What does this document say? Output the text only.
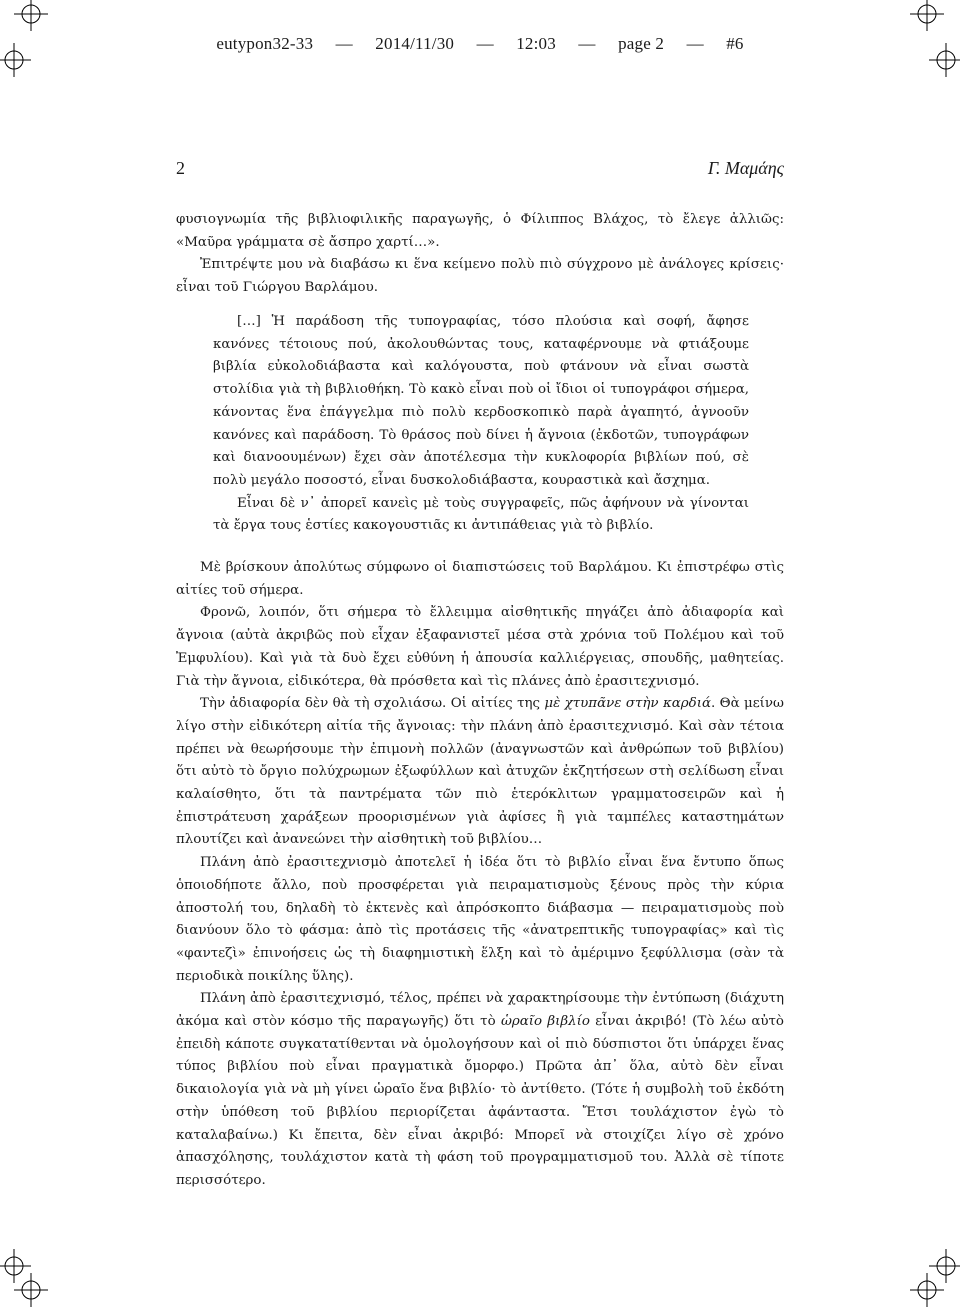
eutypon32-33 — 2014/11/30 — 12:03 — page 2 — #6
2	Γ. Μαμάης

φυσιογνωμία τῆς βιβλιοφιλικῆς παραγωγῆς, ὁ Φίλιππος Βλάχος, τὸ ἔλεγε ἀλλιῶς: «Μαῦρα γράμματα σὲ ἄσπρο χαρτί…».

Ἐπιτρέψτε μου νὰ διαβάσω κι ἕνα κείμενο πολὺ πιὸ σύγχρονο μὲ ἀνάλογες κρίσεις· εἶναι τοῦ Γιώργου Βαρλάμου.

[…] Ἡ παράδοση τῆς τυπογραφίας, τόσο πλούσια καὶ σοφή, ἄφησε κανόνες τέτοιους πού, ἀκολουθώντας τους, καταφέρνουμε νὰ φτιάξουμε βιβλία εὐκολοδιάβαστα καὶ καλόγουστα, ποὺ φτάνουν νὰ εἶναι σωστὰ στολίδια γιὰ τὴ βιβλιοθήκη. Τὸ κακὸ εἶναι ποὺ οἱ ἴδιοι οἱ τυπογράφοι σήμερα, κάνοντας ἕνα ἐπάγγελμα πιὸ πολὺ κερδοσκοπικὸ παρὰ ἀγαπητό, ἀγνοοῦν κανόνες καὶ παράδοση. Τὸ θράσος ποὺ δίνει ἡ ἄγνοια (ἐκδοτῶν, τυπογράφων καὶ διανοουμένων) ἔχει σὰν ἀποτέλεσμα τὴν κυκλοφορία βιβλίων πού, σὲ πολὺ μεγάλο ποσοστό, εἶναι δυσκολοδιάβαστα, κουραστικὰ καὶ ἄσχημα.

Εἶναι δὲ ν᾽ ἀπορεῖ κανεὶς μὲ τοὺς συγγραφεῖς, πῶς ἀφήνουν νὰ γίνονται τὰ ἔργα τους ἑστίες κακογουστιᾶς κι ἀντιπάθειας γιὰ τὸ βιβλίο.

Μὲ βρίσκουν ἀπολύτως σύμφωνο οἱ διαπιστώσεις τοῦ Βαρλάμου. Κι ἐπιστρέφω στὶς αἰτίες τοῦ σήμερα.

Φρονῶ, λοιπόν, ὅτι σήμερα τὸ ἔλλειμμα αἰσθητικῆς πηγάζει ἀπὸ ἀδιαφορία καὶ ἄγνοια (αὐτὰ ἀκριβῶς ποὺ εἶχαν ἐξαφανιστεῖ μέσα στὰ χρόνια τοῦ Πολέμου καὶ τοῦ Ἐμφυλίου). Καὶ γιὰ τὰ δυὸ ἔχει εὐθύνη ἡ ἀπουσία καλλιέργειας, σπουδῆς, μαθητείας. Γιὰ τὴν ἄγνοια, εἰδικότερα, θὰ πρόσθετα καὶ τὶς πλάνες ἀπὸ ἐρασιτεχνισμό.

Τὴν ἀδιαφορία δὲν θὰ τὴ σχολιάσω. Οἱ αἰτίες της μὲ χτυπᾶνε στὴν καρδιά. Θὰ μείνω λίγο στὴν εἰδικότερη αἰτία τῆς ἄγνοιας: τὴν πλάνη ἀπὸ ἐρασιτεχνισμό. Καὶ σὰν τέτοια πρέπει νὰ θεωρήσουμε τὴν ἐπιμονὴ πολλῶν (ἀναγνωστῶν καὶ ἀνθρώπων τοῦ βιβλίου) ὅτι αὐτὸ τὸ ὄργιο πολύχρωμων ἐξωφύλλων καὶ ἀτυχῶν ἐκζητήσεων στὴ σελίδωση εἶναι καλαίσθητο, ὅτι τὰ παντρέματα τῶν πιὸ ἑτερόκλιτων γραμματοσειρῶν καὶ ἡ ἐπιστράτευση χαράξεων προορισμένων γιὰ ἀφίσες ἢ γιὰ ταμπέλες καταστημάτων πλουτίζει καὶ ἀνανεώνει τὴν αἰσθητικὴ τοῦ βιβλίου…

Πλάνη ἀπὸ ἐρασιτεχνισμὸ ἀποτελεῖ ἡ ἰδέα ὅτι τὸ βιβλίο εἶναι ἕνα ἔντυπο ὅπως ὁποιοδήποτε ἄλλο, ποὺ προσφέρεται γιὰ πειραματισμοὺς ξένους πρὸς τὴν κύρια ἀποστολή του, δηλαδὴ τὸ ἐκτενὲς καὶ ἀπρόσκοπτο διάβασμα — πειραματισμοὺς ποὺ διανύουν ὅλο τὸ φάσμα: ἀπὸ τὶς προτάσεις τῆς «ἀνατρεπτικῆς τυπογραφίας» καὶ τὶς «φαντεζὶ» ἐπινοήσεις ὡς τὴ διαφημιστικὴ ἕλξη καὶ τὸ ἀμέριμνο ξεφύλλισμα (σὰν τὰ περιοδικὰ ποικίλης ὕλης).

Πλάνη ἀπὸ ἐρασιτεχνισμό, τέλος, πρέπει νὰ χαρακτηρίσουμε τὴν ἐντύπωση (διάχυτη ἀκόμα καὶ στὸν κόσμο τῆς παραγωγῆς) ὅτι τὸ ὡραῖο βιβλίο εἶναι ἀκριβό! (Τὸ λέω αὐτὸ ἐπειδὴ κάποτε συγκατατίθενται νὰ ὁμολογήσουν καὶ οἱ πιὸ δύσπιστοι ὅτι ὑπάρχει ἕνας τύπος βιβλίου ποὺ εἶναι πραγματικὰ ὄμορφο.) Πρῶτα ἀπ᾽ ὅλα, αὐτὸ δὲν εἶναι δικαιολογία γιὰ νὰ μὴ γίνει ὡραῖο ἕνα βιβλίο· τὸ ἀντίθετο. (Τότε ἡ συμβολὴ τοῦ ἐκδότη στὴν ὑπόθεση τοῦ βιβλίου περιορίζεται ἀφάνταστα. Ἔτσι τουλάχιστον ἐγὼ τὸ καταλαβαίνω.) Κι ἔπειτα, δὲν εἶναι ἀκριβό: Μπορεῖ νὰ στοιχίζει λίγο σὲ χρόνο ἀπασχόλησης, τουλάχιστον κατὰ τὴ φάση τοῦ προγραμματισμοῦ του. Ἀλλὰ σὲ τίποτε περισσότερο.
